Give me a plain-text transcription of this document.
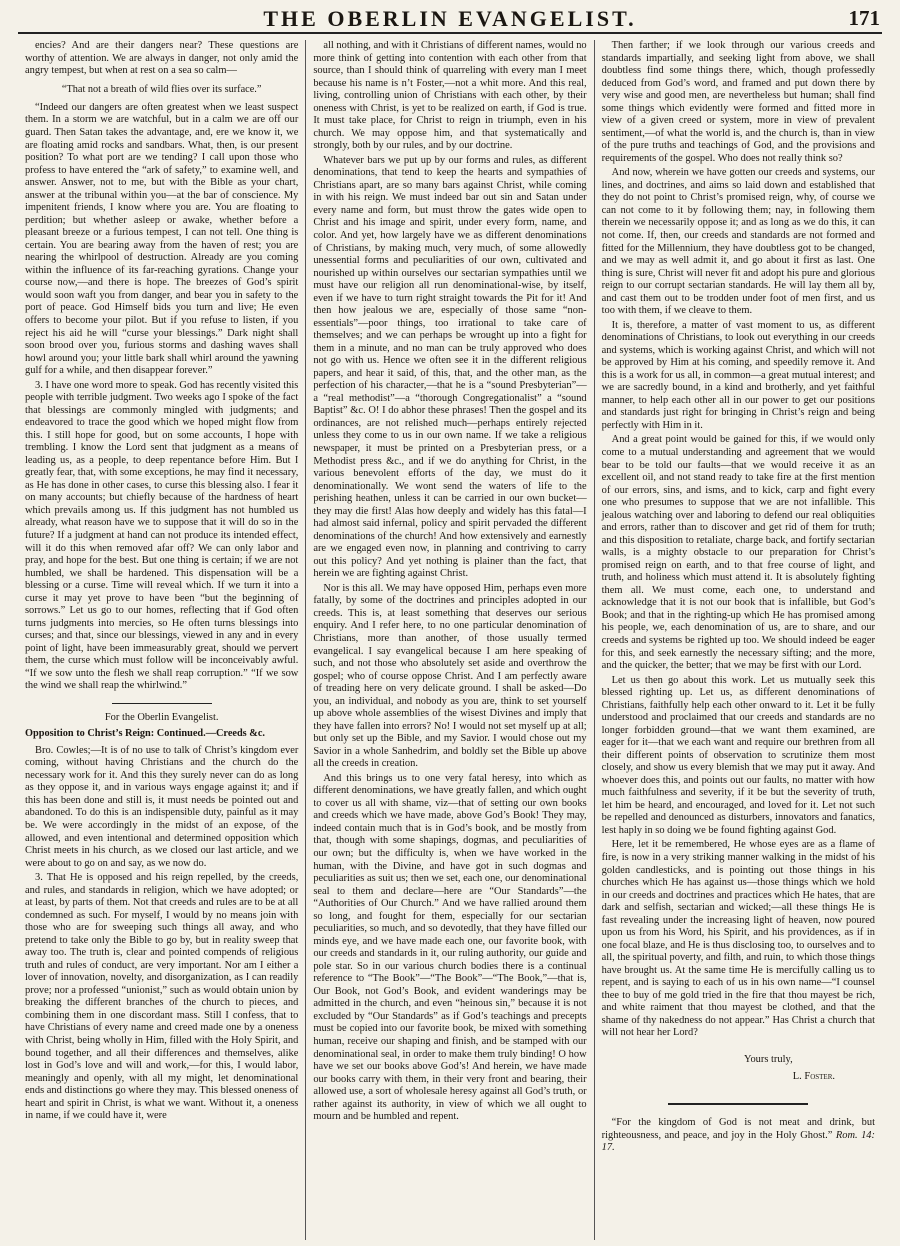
THE OBERLIN EVANGELIST.	171

encies? And are their dangers near? These questions are worthy of attention. We are always in danger, not only amid the angry tempest, but when at rest on a sea so calm—

“That not a breath of wild flies over its surface.”

“Indeed our dangers are often greatest when we least suspect them. In a storm we are watchful, but in a calm we are off our guard. Then Satan takes the advantage, and, ere we know it, we are floating amid rocks and sandbars. What, then, is our present position? To what port are we tending? I call upon those who profess to have entered the “ark of safety,” to examine well, and answer. Answer, not to me, but with the Bible as your chart, answer at the tribunal within you—at the bar of conscience. My impenitent friends, I know where you are. You are floating to perdition; but whether asleep or awake, whether before a pleasant breeze or a furious tempest, I can not tell. One thing is certain. You are bearing away from the haven of rest; you are nearing the whirlpool of destruction. Already are you coming within the influence of its far-reaching gyrations. Change your course now,—and there is hope. The breezes of God’s spirit would soon waft you from danger, and bear you in safety to the port of peace. God Himself bids you turn and live; He even offers to become your pilot. But if you refuse to listen, if you reject his aid he will “curse your blessings.” Dark night shall soon brood over you, furious storms and dashing waves shall howl around you; your little bark shall whirl around the yawning gulf for a while, and then disappear forever.”

3. I have one word more to speak. God has recently visited this people with terrible judgment. Two weeks ago I spoke of the fact that blessings are commonly mingled with judgments; and endeavored to trace the good which we hoped might flow from this. I still hope for good, but on some accounts, I hope with trembling. I know the Lord sent that judgment as a means of leading us, as a people, to deep repentance before Him. But I greatly fear, that, with some exceptions, he may find it necessary, as He has done in other cases, to curse this blessing also. I fear it on many accounts; but chiefly because of the hardness of heart which prevails among us. If this judgment has not humbled us already, what reason have we to suppose that it will do so in the future? If a judgment at hand can not produce its intended effect, will it do this when removed afar off? We can only labor and pray, and hope for the best. But one thing is certain; if we are not humbled, we shall be hardened. This dispensation will be a blessing or a curse. Time will reveal which. If we turn it into a curse it may yet prove to have been “but the beginning of sorrows.” Let us go to our homes, reflecting that if God often turns judgments into mercies, so He often turns blessings into curses; and that, since our blessings, viewed in any and in every point of light, have been immeasurably great, should we pervert them, the curse which must follow will be inconceivably awful. “If we sow unto the flesh we shall reap corruption.” “If we sow the wind we shall reap the whirlwind.”

For the Oberlin Evangelist.

Opposition to Christ’s Reign: Continued.—Creeds &c.

Bro. Cowles;—It is of no use to talk of Christ’s kingdom ever coming, without having Christians and the church do the necessary work for it. And this they surely never can do as long as they oppose it, and in various ways engage against it; and if this has been done and still is, it must needs be pointed out and abandoned. To do this is an indispensible duty, painful as it may be. We were accordingly in the midst of an expose, of the allowed, and even intentional and determined opposition which Christ meets in his church, as we closed our last article, and we were about to go on and say, as we now do.

3. That He is opposed and his reign repelled, by the creeds, and rules, and standards in religion, which we have adopted; or at least, by parts of them. Not that creeds and rules are to be at all condemned as such. For myself, I would by no means join with those who are for sweeping such things all away, and who pretend to take only the Bible to go by, but in reality sweep that away too. The truth is, clear and pointed compends of religious truth and rules of conduct, are very important. Nor am I either a lover of innovation, novelty, and disorganization, as I can readily prove; nor a professed “unionist,” such as would obtain union by breaking the different branches of the church to pieces, and combining them in one discordant mass. Still I confess, that to have Christians of every name and creed made one by a oneness with Christ, being wholly in Him, filled with the Holy Spirit, and bound together, and all their differences and themselves, alike lost in God’s love and will and work,—for this, I would labor, meaningly and openly, with all my might, let denominational ends and distinctions go where they may. This blessed oneness of heart and spirit in Christ, is what we want. Without it, a oneness in name, if we could have it, were

all nothing, and with it Christians of different names, would no more think of getting into contention with each other from that source, than I should think of quarreling with every man I meet because his name is n’t Foster,—not a whit more. And this real, living, controlling union of Christians with each other, by their oneness with Christ, is yet to be realized on earth, if God is true. It must take place, for Christ to reign in triumph, even in his church. We may oppose him, and that systematically and strongly, both by our rules, and by our doctrine.

Whatever bars we put up by our forms and rules, as different denominations, that tend to keep the hearts and sympathies of Christians apart, are so many bars against Christ, while coming in with his reign. We must indeed bar out sin and Satan under every name and form, but must throw the gates wide open to Christ and his image and spirit, under every form, name, and color. And yet, how largely have we as different denominations of Christians, by making much, very much, of some allowedly unessential forms and peculiarities of our own, cultivated and nourished up within ourselves our sectarian sympathies until we must have our religion all run denominational-wise, by itself, even if we have to turn right straight towards the Pit for it! And then how jealous we are, especially of those same “non-essentials”—poor things, too irrational to take care of themselves; and we can perhaps be wrought up into a fight for them in a minute, and no man can be truly approved who does not go with us. Hence we often see it in the different religious papers, and hear it said, of this, that, and the other man, as the perfection of his character,—that he is a “sound Presbyterian”—a “real methodist”—a “thorough Congregationalist” a “sound Baptist” &c. O! I do abhor these phrases! Then the gospel and its ordinances, are not relished much—perhaps entirely rejected unless they come to us in our own name. If we take a religious newspaper, it must be printed on a Presbyterian press, or a Methodist press &c., and if we do anything for Christ, in the various benevolent efforts of the day, we must do it denominationally. We wont send the waters of life to the perishing heathen, unless it can be carried in our own bucket—they may die first! Alas how deeply and widely has this fatal—I had almost said infernal, policy and spirit pervaded the different denominations of the church! And how extensively and earnestly are we engaged even now, in planning and contriving to carry out this policy? And yet nothing is plainer than the fact, that herein we are fighting against Christ.

Nor is this all. We may have opposed Him, perhaps even more fatally, by some of the doctrines and principles adopted in our creeds. This is, at least something that deserves our serious enquiry. And I refer here, to no one particular denomination of Christians, more than another, of those usually termed evangelical. I say evangelical because I am here speaking of such, and not those who absolutely set aside and overthrow the gospel; who of course oppose Christ. And I am perfectly aware of treading here on very delicate ground. I shall be asked—Do you, an individual, and nobody as you are, think to set yourself up above whole assemblies of the wisest Divines and imply that they have fallen into errors? No! I would not set myself up at all; but only set up the Bible, and my Savior. I would chose out my Savior in a whole Sanhedrim, and boldly set the Bible up above all the creeds in creation.

And this brings us to one very fatal heresy, into which as different denominations, we have greatly fallen, and which ought to cover us all with shame, viz—that of setting our own books and creeds which we have made, above God’s Book! They may, indeed contain much that is in God’s book, and be mostly from that, though with some shapings, dogmas, and peculiarities of our own; but the difficulty is, when we have worked in the human, with the Divine, and have got in such dogmas and peculiarities as suit us; then we set, each one, our denominational seal to them and declare—here are “Our Standards”—the “Authorities of Our Church.” And we have rallied around them so long, and fought for them, especially for our sectarian peculiarities, so much, and so devotedly, that they have filled our minds eye, and we have made each one, our favorite book, with our creeds and standards in it, our ruling authority, our guide and pole star. So in our various church bodies there is a continual reference to “The Book”—“The Book”—“The Book,”—that is, Our Book, not God’s Book, and evident wanderings may be admitted in the church, and even “heinous sin,” because it is not excluded by “Our Standards” as if God’s teachings and precepts must be copied into our favorite book, be mixed with something human, receive our shaping and finish, and be stamped with our denominational seal, in order to make them truly binding! O how have we set our books above God’s! And herein, we have made our books carry with them, in their very front and bearing, their allowed use, a sort of wholesale heresy against all God’s truth, or rather against its authority, in view of which we all ought to mourn and be humbled and repent.

Then farther; if we look through our various creeds and standards impartially, and seeking light from above, we shall doubtless find some things there, which, though professedly deduced from God’s word, and framed and put down there by very wise and good men, are nevertheless but human; shall find some things which evidently were formed and fitted more in view of a given creed or system, more in view of prevalent sentiment,—of what the world is, and the church is, than in view of the pure truths and teachings of God, and the provisions and requirements of the gospel. Who does not really think so?

And now, wherein we have gotten our creeds and systems, our lines, and doctrines, and aims so laid down and established that they do not point to Christ’s promised reign, why, of course we can not come to it by following them; nay, in following them therein we necessarily oppose it; and as long as we do this, it can not come. If, then, our creeds and standards are not formed and fitted for the Millennium, they have doubtless got to be changed, and we may as well admit it, and go about it first as last. One thing is sure, Christ will never fit and adopt his pure and glorious reign to our corrupt sectarian standards. He will lay them all by, and cast them out to be trodden under foot of men first, and us too with them, if we cleave to them.

It is, therefore, a matter of vast moment to us, as different denominations of Christians, to look out everything in our creeds and systems, which is working against Christ, and which will not be approved by Him at his coming, and speedily remove it. And this is a work for us all, in common—a great mutual interest; and we are sacredly bound, in a kind and brotherly, and yet faithful manner, to help each other all in our power to get our positions and standards just right for bringing in Christ’s reign and being perfectly with Him in it.

And a great point would be gained for this, if we would only come to a mutual understanding and agreement that we would bear to be told our faults—that we would receive it as an excellent oil, and not stand ready to take fire at the first mention of our errors, sins, and isms, and to kick, carp and fight every one who presumes to suppose that we are not infallible. This jealous watching over and laboring to defend our real obliquities and errors, rather than to discover and get rid of them for truth; and this disposition to retaliate, charge back, and fortify sectarian walls, is a mighty obstacle to our preparation for Christ’s promised reign on earth, and to that free course of light, and truth, and holiness which must attend it. It is absolutely fighting them all. We must come, each one, to understand and acknowledge that it is not our book that is infallible, but God’s Book; and that in the righting-up which He has promised among his people, we, each denomination of us, are to share, and our creeds and systems be righted up too. We should indeed be eager for this, and seek earnestly the necessary sifting; and the more, and the quicker, the better; that we may be first with our Lord.

Let us then go about this work. Let us mutually seek this blessed righting up. Let us, as different denominations of Christians, faithfully help each other onward to it. Let it be fully understood and proclaimed that our creeds and standards are no longer forbidden ground—that we want them examined, are eager for it—that we each want and require our brethren from all their different points of observation to scrutinize them most closely, and show us every blemish that we may put it away. And whoever does this, and points out our faults, no matter with how much faithfulness and severity, if it be but the severity of truth, let him be heard, and encouraged, and loved for it. Let not such be repelled and denounced as disturbers, innovators and fanatics, lest haply in so doing we be found fighting against God.

Here, let it be remembered, He whose eyes are as a flame of fire, is now in a very striking manner walking in the midst of his golden candlesticks, and is pointing out those things in his churches which He has against us—those things which we hold in our creeds and doctrines and practices which He hates, that are dark and selfish, sectarian and wicked;—all these things He is fast revealing under the increasing light of heaven, now poured upon us from his Word, his Spirit, and his providences, as if in one focal blaze, and He is thus disclosing too, to ourselves and to all, the spiritual poverty, and filth, and ruin, to which those things have brought us. At the same time He is mercifully calling us to repent, and is saying to each of us in his own name—“I counsel thee to buy of me gold tried in the fire that thou mayest be rich, and white raiment that thou mayest be clothed, and that the shame of thy nakedness do not appear.” Has Christ a church that will not hear her Lord?

Yours truly,

L. Foster.

“For the kingdom of God is not meat and drink, but righteousness, and peace, and joy in the Holy Ghost.” Rom. 14: 17.
